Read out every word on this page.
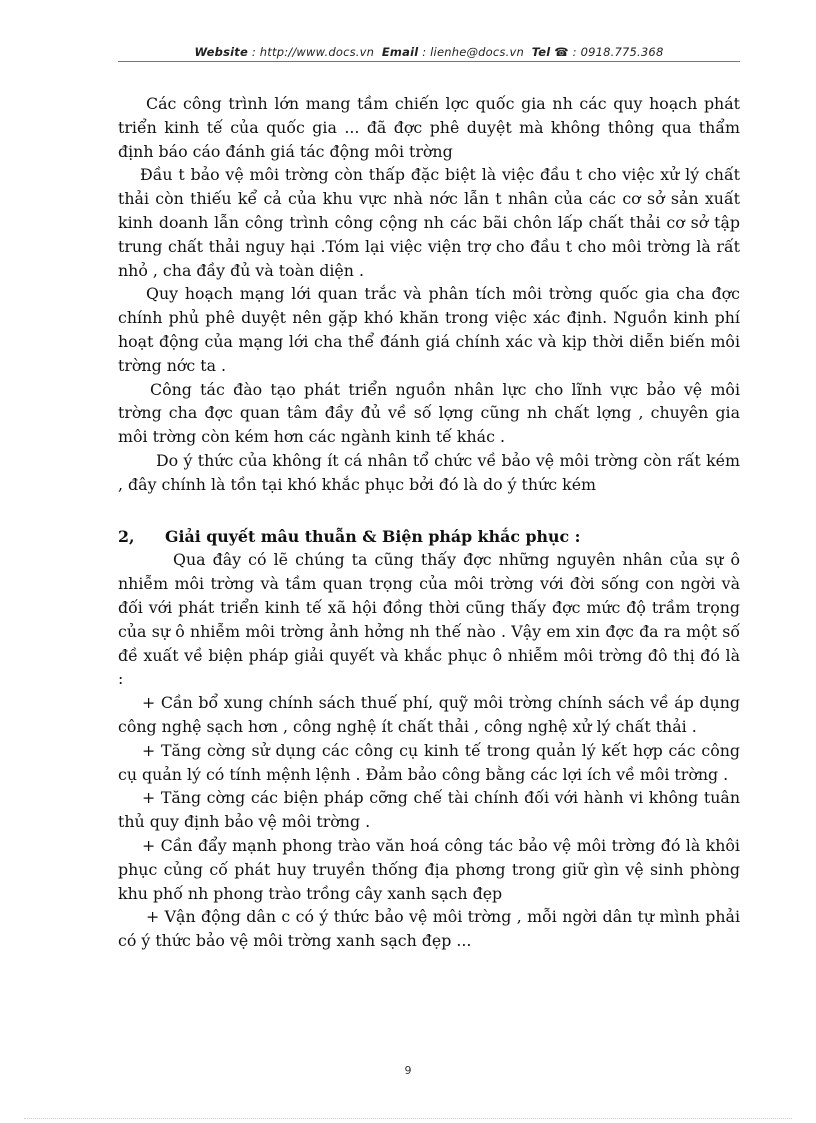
Website : http://www.docs.vn Email : lienhe@docs.vn Tel ☎ : 0918.775.368

Các công trình lớn mang tầm chiến lợc quốc gia nh các quy hoạch phát triển kinh tế của quốc gia ... đã đợc phê duyệt mà không thông qua thẩm định báo cáo đánh giá tác động môi trờng

Đầu t bảo vệ môi trờng còn thấp đặc biệt là việc đầu t cho việc xử lý chất thải còn thiếu kể cả của khu vực nhà nớc lẫn t nhân của các cơ sở sản xuất kinh doanh lẫn công trình công cộng nh các bãi chôn lấp chất thải cơ sở tập trung chất thải nguy hại .Tóm lại việc viện trợ cho đầu t cho môi trờng là rất nhỏ , cha đầy đủ và toàn diện .

Quy hoạch mạng lới quan trắc và phân tích môi trờng quốc gia cha đợc chính phủ phê duyệt nên gặp khó khăn trong việc xác định. Nguồn kinh phí hoạt động của mạng lới cha thể đánh giá chính xác và kịp thời diễn biến môi trờng nớc ta .

Công tác đào tạo phát triển nguồn nhân lực cho lĩnh vực bảo vệ môi trờng cha đợc quan tâm đầy đủ về số lợng cũng nh chất lợng , chuyên gia môi trờng còn kém hơn các ngành kinh tế khác .

Do ý thức của không ít cá nhân tổ chức về bảo vệ môi trờng còn rất kém , đây chính là tồn tại khó khắc phục bởi đó là do ý thức kém

2,	Giải quyết mâu thuẫn & Biện pháp khắc phục :

Qua đây có lẽ chúng ta cũng thấy đợc những nguyên nhân của sự ô nhiễm môi trờng và tầm quan trọng của môi trờng với đời sống con ngời và đối với phát triển kinh tế xã hội đồng thời cũng thấy đợc mức độ trầm trọng của sự ô nhiễm môi trờng ảnh hởng nh thế nào . Vậy em xin đợc đa ra một số đề xuất về biện pháp giải quyết và khắc phục ô nhiễm môi trờng đô thị đó là :

+ Cần bổ xung chính sách thuế phí, quỹ môi trờng chính sách về áp dụng công nghệ sạch hơn , công nghệ ít chất thải , công nghệ xử lý chất thải .

+ Tăng cờng sử dụng các công cụ kinh tế trong quản lý kết hợp các công cụ quản lý có tính mệnh lệnh . Đảm bảo công bằng các lợi ích về môi trờng .

+ Tăng cờng các biện pháp cỡng chế tài chính đối với hành vi không tuân thủ quy định bảo vệ môi trờng .

+ Cần đẩy mạnh phong trào văn hoá công tác bảo vệ môi trờng đó là khôi phục củng cố phát huy truyền thống địa phơng trong giữ gìn vệ sinh phòng khu phố nh phong trào trồng cây xanh sạch đẹp

+ Vận động dân c có ý thức bảo vệ môi trờng , mỗi ngời dân tự mình phải có ý thức bảo vệ môi trờng xanh sạch đẹp ...

9
